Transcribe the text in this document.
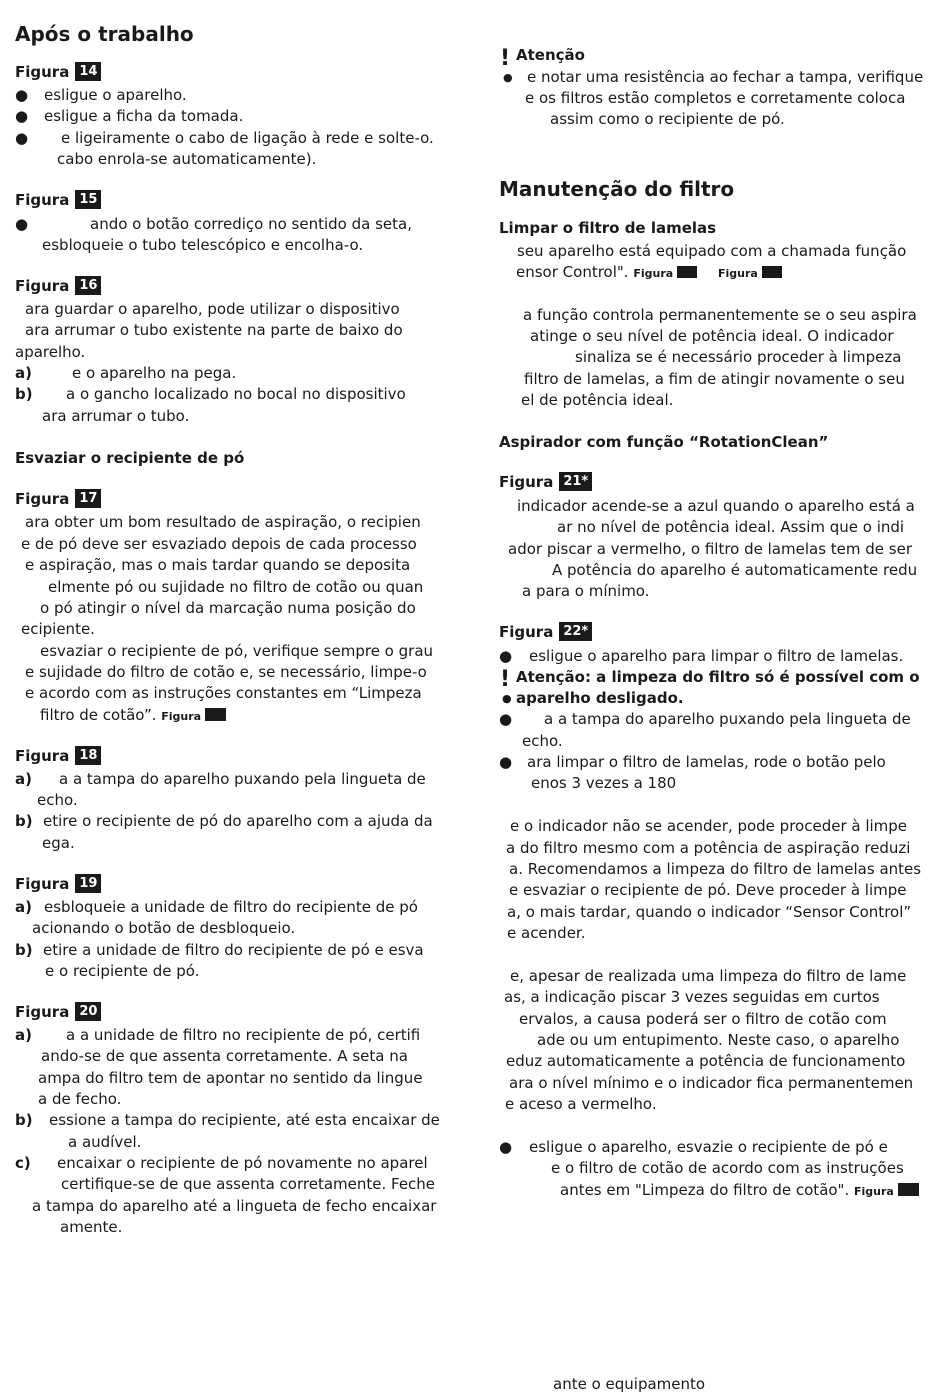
Após o trabalho
Figura 14
● esligue o aparelho.
● esligue a ficha da tomada.
● e ligeiramente o cabo de ligação à rede e solte-o.
cabo enrola-se automaticamente).
Figura 15
●	ando o botão corrediço no sentido da seta,
esbloqueie o tubo telescópico e encolha-o.
Figura 16
ara guardar o aparelho, pode utilizar o dispositivo
ara arrumar o tubo existente na parte de baixo do
aparelho.
a)	e o aparelho na pega.
b) a o gancho localizado no bocal no dispositivo
ara arrumar o tubo.
Esvaziar o recipiente de pó
Figura 17
ara obter um bom resultado de aspiração, o recipien
e de pó deve ser esvaziado depois de cada processo
e aspiração, mas o mais tardar quando se deposita
elmente pó ou sujidade no filtro de cotão ou quan
o pó atingir o nível da marcação numa posição do
ecipiente.
esvaziar o recipiente de pó, verifique sempre o grau
e sujidade do filtro de cotão e, se necessário, limpe-o
e acordo com as instruções constantes em “Limpeza
filtro de cotão”. Figura
Figura 18
a) a a tampa do aparelho puxando pela lingueta de
echo.
b) etire o recipiente de pó do aparelho com a ajuda da
ega.
Figura 19
a) esbloqueie a unidade de filtro do recipiente de pó
acionando o botão de desbloqueio.
b) etire a unidade de filtro do recipiente de pó e esva
e o recipiente de pó.
Figura 20
a) a a unidade de filtro no recipiente de pó, certifi
ando-se de que assenta corretamente. A seta na
ampa do filtro tem de apontar no sentido da lingue
a de fecho.
b) essione a tampa do recipiente, até esta encaixar de
a audível.
c) encaixar o recipiente de pó novamente no aparel
certifique-se de que assenta corretamente. Feche
a tampa do aparelho até a lingueta de fecho encaixar
amente.
! Atenção
● e notar uma resistência ao fechar a tampa, verifique
e os filtros estão completos e corretamente coloca
assim como o recipiente de pó.
Manutenção do filtro
Limpar o filtro de lamelas
seu aparelho está equipado com a chamada função
ensor Control". Figura	Figura
a função controla permanentemente se o seu aspira
atinge o seu nível de potência ideal. O indicador
sinaliza se é necessário proceder à limpeza
filtro de lamelas, a fim de atingir novamente o seu
el de potência ideal.
Aspirador com função “RotationClean”
Figura 21*
indicador acende-se a azul quando o aparelho está a
ar no nível de potência ideal. Assim que o indi
ador piscar a vermelho, o filtro de lamelas tem de ser
A potência do aparelho é automaticamente redu
a para o mínimo.
Figura 22*
● esligue o aparelho para limpar o filtro de lamelas.
!
●
Atenção: a limpeza do filtro só é possível com o
aparelho desligado.
● a a tampa do aparelho puxando pela lingueta de
echo.
● ara limpar o filtro de lamelas, rode o botão pelo
enos 3 vezes a 180
e o indicador não se acender, pode proceder à limpe
a do filtro mesmo com a potência de aspiração reduzi
a. Recomendamos a limpeza do filtro de lamelas antes
e esvaziar o recipiente de pó. Deve proceder à limpe
a, o mais tardar, quando o indicador “Sensor Control”
e acender.
e, apesar de realizada uma limpeza do filtro de lame
as, a indicação piscar 3 vezes seguidas em curtos
ervalos, a causa poderá ser o filtro de cotão com
ade ou um entupimento. Neste caso, o aparelho
eduz automaticamente a potência de funcionamento
ara o nível mínimo e o indicador fica permanentemen
e aceso a vermelho.
● esligue o aparelho, esvazie o recipiente de pó e
e o filtro de cotão de acordo com as instruções
antes em "Limpeza do filtro de cotão". Figura
ante o equipamento
